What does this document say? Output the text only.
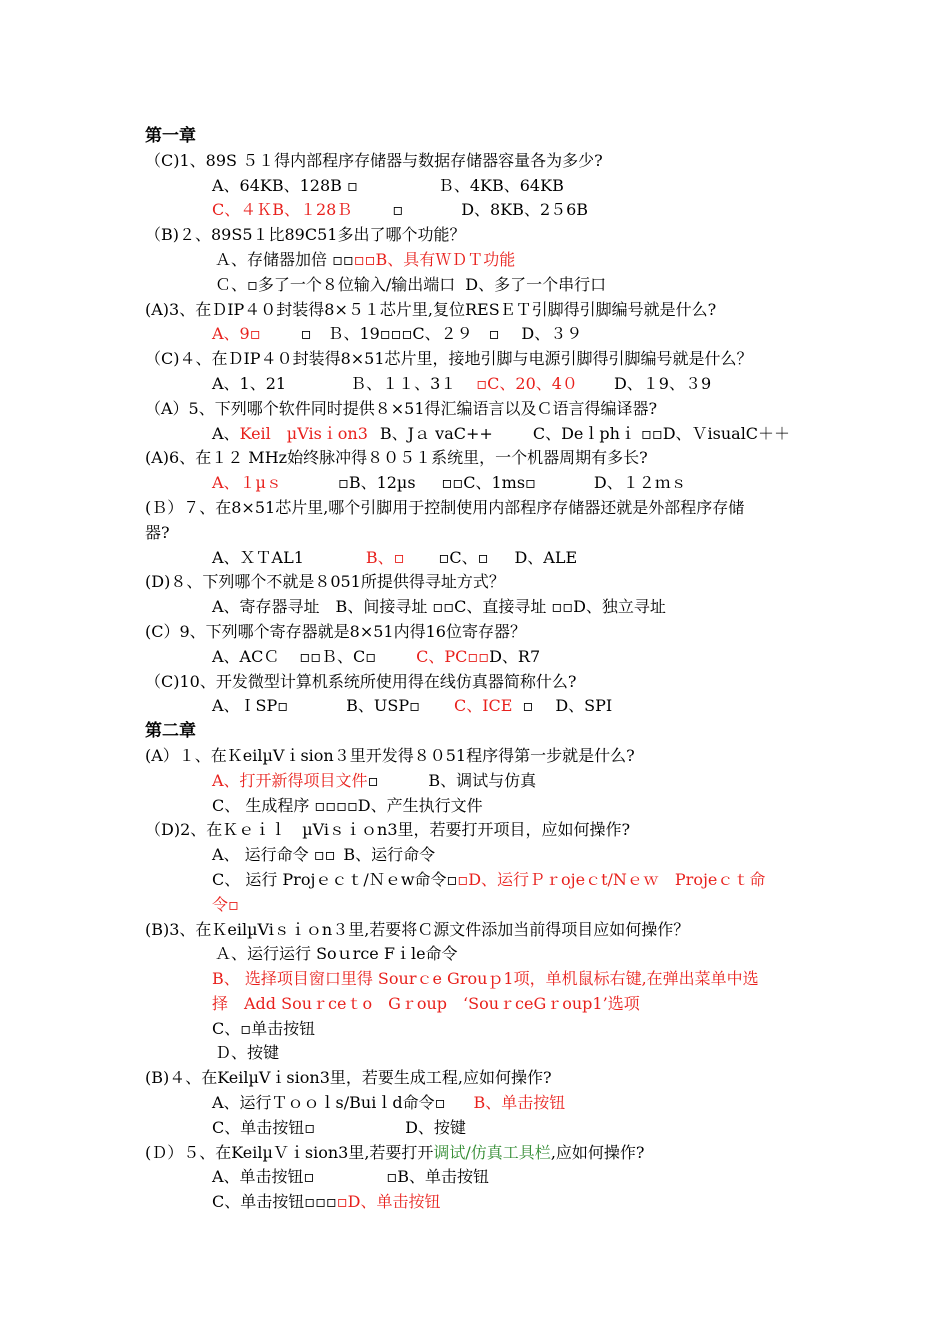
第一章
（C)1、89S ５１得内部程序存储器与数据存储器容量各为多少?
A、64KB、128B ▫	Ｂ、4KB、64KB
C、４ＫB、１28Ｂ	▫	D、8KB、2５6B
（B)２、89S5１比89C51多出了哪个功能？
Ａ、存储器加倍 ▫▫▫▫B、具有ＷＤＴ功能
Ｃ、▫多了一个８位输入/输出端口 D、多了一个串行口
(A)3、在ＤIP４０封装得8×５１芯片里,复位RESＥＴ引脚得引脚编号就是什么?
A、9▫	▫　Ｂ、19▫▫▫C、２９　▫ D、３９
（C)４、在ＤIP４０封装得8×51芯片里，接地引脚与电源引脚得引脚编号就是什么？
A、1、21	Ｂ、１１、3１ ▫C、20、4０ D、１9、３9
（A）5、下列哪个软件同时提供８×51得汇编语言以及Ｃ语言得编译器?
A、Keil　µVisｉon3 B、Jａ vaC++	C、Deｌphｉ ▫▫D、ＶisualC＋＋
(A)6、在１２ MHz始终脉冲得８０５１系统里，一个机器周期有多长?
A、１µｓ	▫B、12µs ▫▫C、1ms▫	D、１２ｍｓ
(Ｂ）７、在8×51芯片里,哪个引脚用于控制使用内部程序存储器还就是外部程序存储
器?
A、ＸＴAL1	B、▫ ▫C、▫ D、ALE
(D)８、下列哪个不就是８051所提供得寻址方式？
A、寄存器寻址　B、间接寻址 ▫▫C、直接寻址 ▫▫D、独立寻址
(C）9、下列哪个寄存器就是8×51内得16位寄存器？
A、ACＣ ▫▫Ｂ、C▫	C、PC▫▫D、R7
（C)10、开发微型计算机系统所使用得在线仿真器简称什么?
A、ＩSP▫	B、USP▫ C、ICE ▫ D、SPI
第二章
(A）１、在ＫeilµVｉsion３里开发得８０51程序得第一步就是什么?
A、打开新得项目文件▫	B、调试与仿真
C、 生成程序 ▫▫▫▫D、产生执行文件
（D)2、在Ｋｅｉｌ　µViｓｉｏn3里，若要打开项目，应如何操作?
A、 运行命令 ▫▫ B、运行命令
C、 运行 Projｅｃｔ/Ｎｅw命令▫▫D、运行Ｐｒojeｃt/Nｅｗ　Projeｃｔ命
令▫
(B)3、在ＫeilµViｓｉｏn３里,若要将Ｃ源文件添加当前得项目应如何操作？
Ａ、运行运行 Soｕrce Fｉle命令
B、 选择项目窗口里得 Sourｃe Grouｐ1项，单机鼠标右键,在弹出菜单中选
择　Add Souｒceｔo　Gｒoup　‘SouｒceGｒoup1’选项
C、▫单击按钮
Ｄ、按键
(B)４、在KeilµVｉsion3里，若要生成工程,应如何操作?
A、运行Ｔｏｏｌs/Buiｌd命令▫ B、单击按钮
C、单击按钮▫	D、按键
(Ｄ）５、在KeilµＶｉsion3里,若要打开调试/仿真工具栏,应如何操作?
A、单击按钮▫	▫B、单击按钮
C、单击按钮▫▫▫▫D、单击按钮
